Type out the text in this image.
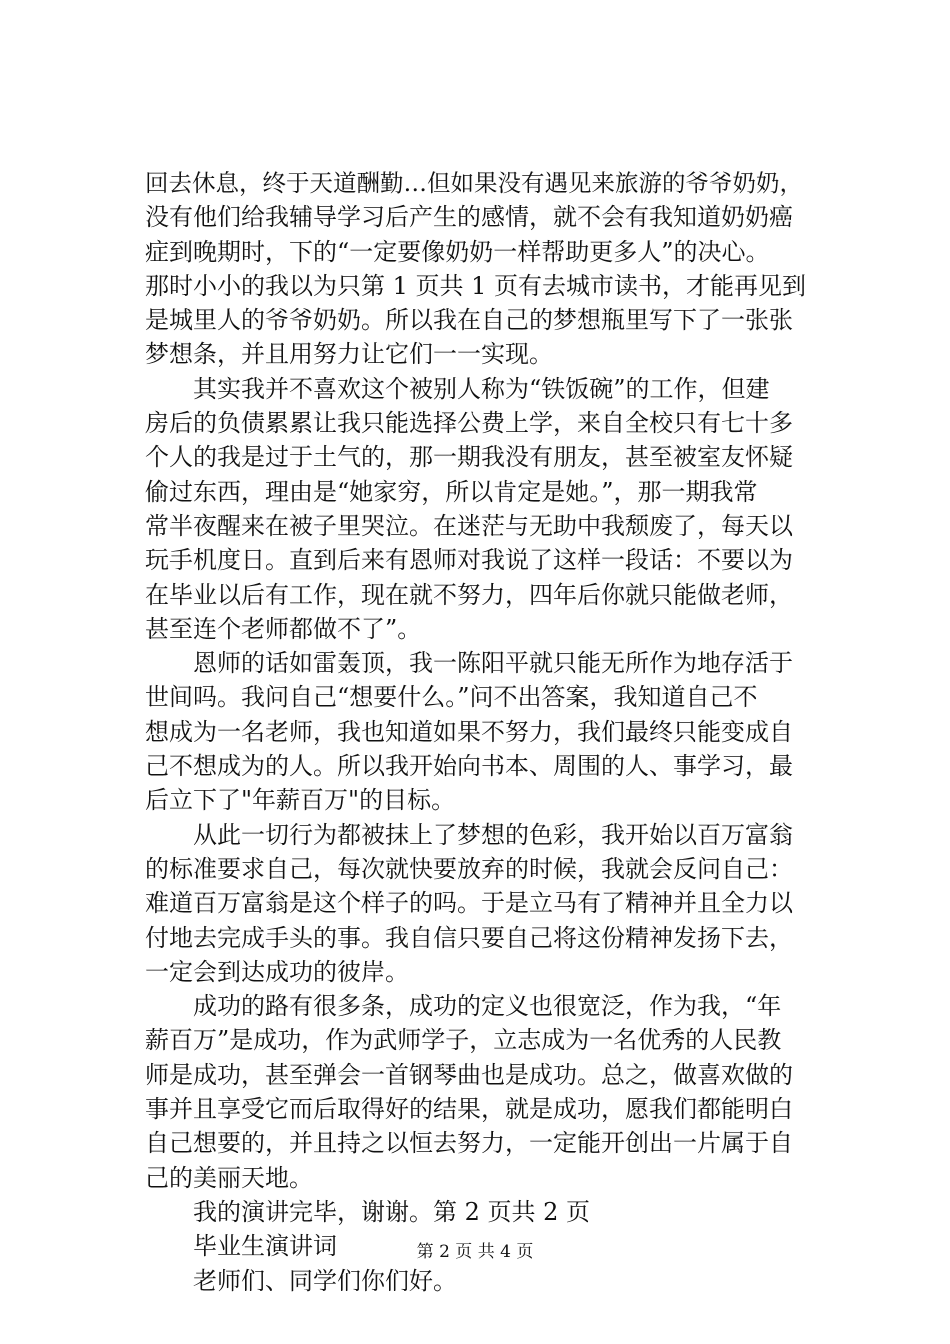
回去休息，终于天道酬勤…但如果没有遇见来旅游的爷爷奶奶，
没有他们给我辅导学习后产生的感情，就不会有我知道奶奶癌
症到晚期时，下的“一定要像奶奶一样帮助更多人”的决心。
那时小小的我以为只第 1 页共 1 页有去城市读书，才能再见到
是城里人的爷爷奶奶。所以我在自己的梦想瓶里写下了一张张
梦想条，并且用努力让它们一一实现。
其实我并不喜欢这个被别人称为“铁饭碗”的工作，但建
房后的负债累累让我只能选择公费上学，来自全校只有七十多
个人的我是过于土气的，那一期我没有朋友，甚至被室友怀疑
偷过东西，理由是“她家穷，所以肯定是她。”，那一期我常
常半夜醒来在被子里哭泣。在迷茫与无助中我颓废了，每天以
玩手机度日。直到后来有恩师对我说了这样一段话：不要以为
在毕业以后有工作，现在就不努力，四年后你就只能做老师，
甚至连个老师都做不了”。
恩师的话如雷轰顶，我一陈阳平就只能无所作为地存活于
世间吗。我问自己“想要什么。”问不出答案，我知道自己不
想成为一名老师，我也知道如果不努力，我们最终只能变成自
己不想成为的人。所以我开始向书本、周围的人、事学习，最
后立下了"年薪百万"的目标。
从此一切行为都被抹上了梦想的色彩，我开始以百万富翁
的标准要求自己，每次就快要放弃的时候，我就会反问自己：
难道百万富翁是这个样子的吗。于是立马有了精神并且全力以
付地去完成手头的事。我自信只要自己将这份精神发扬下去，
一定会到达成功的彼岸。
成功的路有很多条，成功的定义也很宽泛，作为我，“年
薪百万”是成功，作为武师学子，立志成为一名优秀的人民教
师是成功，甚至弹会一首钢琴曲也是成功。总之，做喜欢做的
事并且享受它而后取得好的结果，就是成功，愿我们都能明白
自己想要的，并且持之以恒去努力，一定能开创出一片属于自
己的美丽天地。
我的演讲完毕，谢谢。第 2 页共 2 页
毕业生演讲词
老师们、同学们你们好。
第 2 页 共 4 页
